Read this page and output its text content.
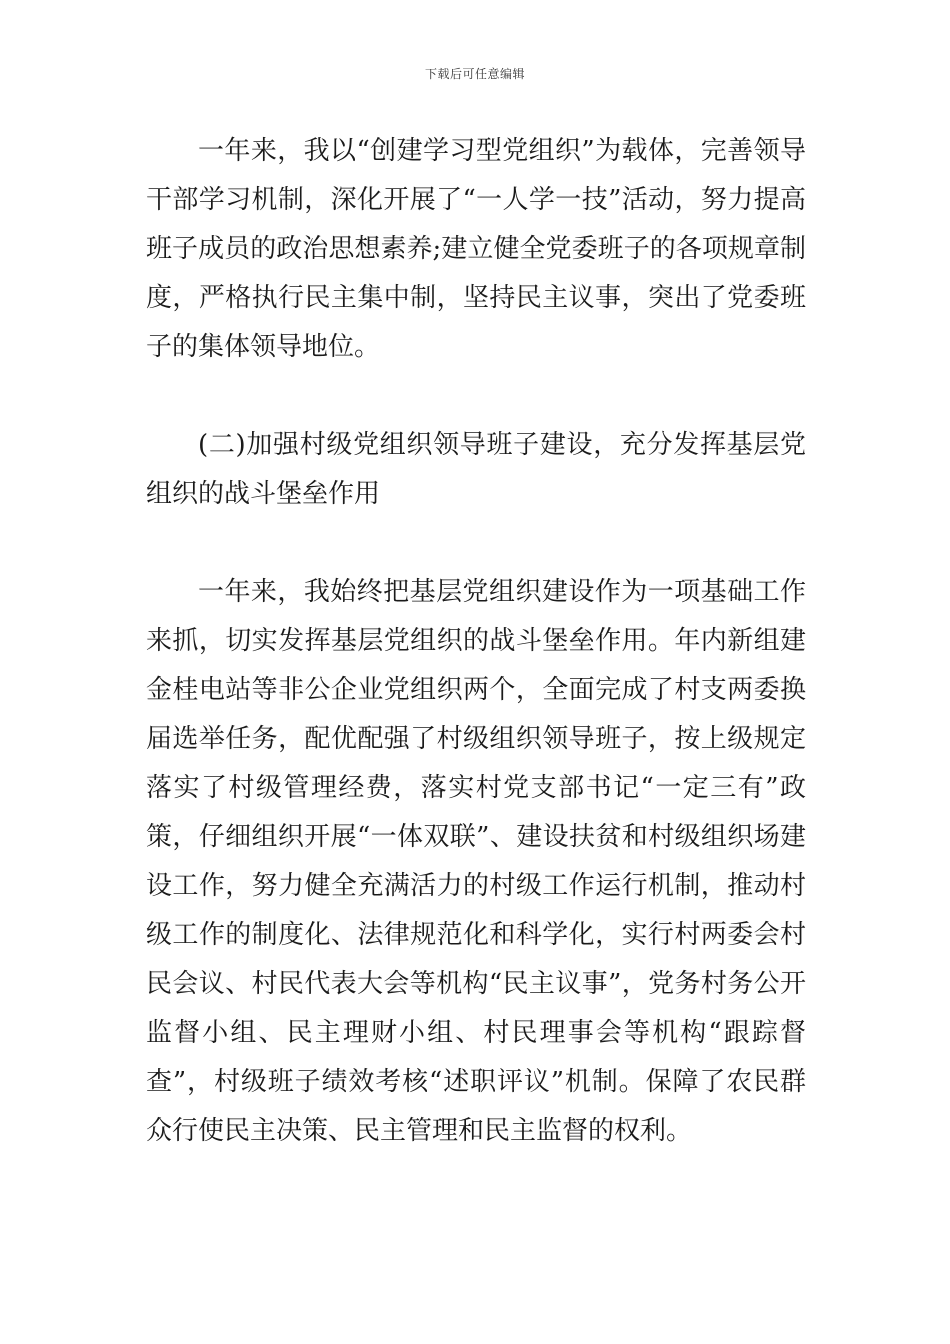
下载后可任意编辑

一年来，我以“创建学习型党组织”为载体，完善领导干部学习机制，深化开展了“一人学一技”活动，努力提高班子成员的政治思想素养;建立健全党委班子的各项规章制度，严格执行民主集中制，坚持民主议事，突出了党委班子的集体领导地位。

(二)加强村级党组织领导班子建设，充分发挥基层党组织的战斗堡垒作用

一年来，我始终把基层党组织建设作为一项基础工作来抓，切实发挥基层党组织的战斗堡垒作用。年内新组建金桂电站等非公企业党组织两个，全面完成了村支两委换届选举任务，配优配强了村级组织领导班子，按上级规定落实了村级管理经费，落实村党支部书记“一定三有”政策，仔细组织开展“一体双联”、建设扶贫和村级组织场建设工作，努力健全充满活力的村级工作运行机制，推动村级工作的制度化、法律规范化和科学化，实行村两委会村民会议、村民代表大会等机构“民主议事”，党务村务公开监督小组、民主理财小组、村民理事会等机构“跟踪督查”，村级班子绩效考核“述职评议”机制。保障了农民群众行使民主决策、民主管理和民主监督的权利。
